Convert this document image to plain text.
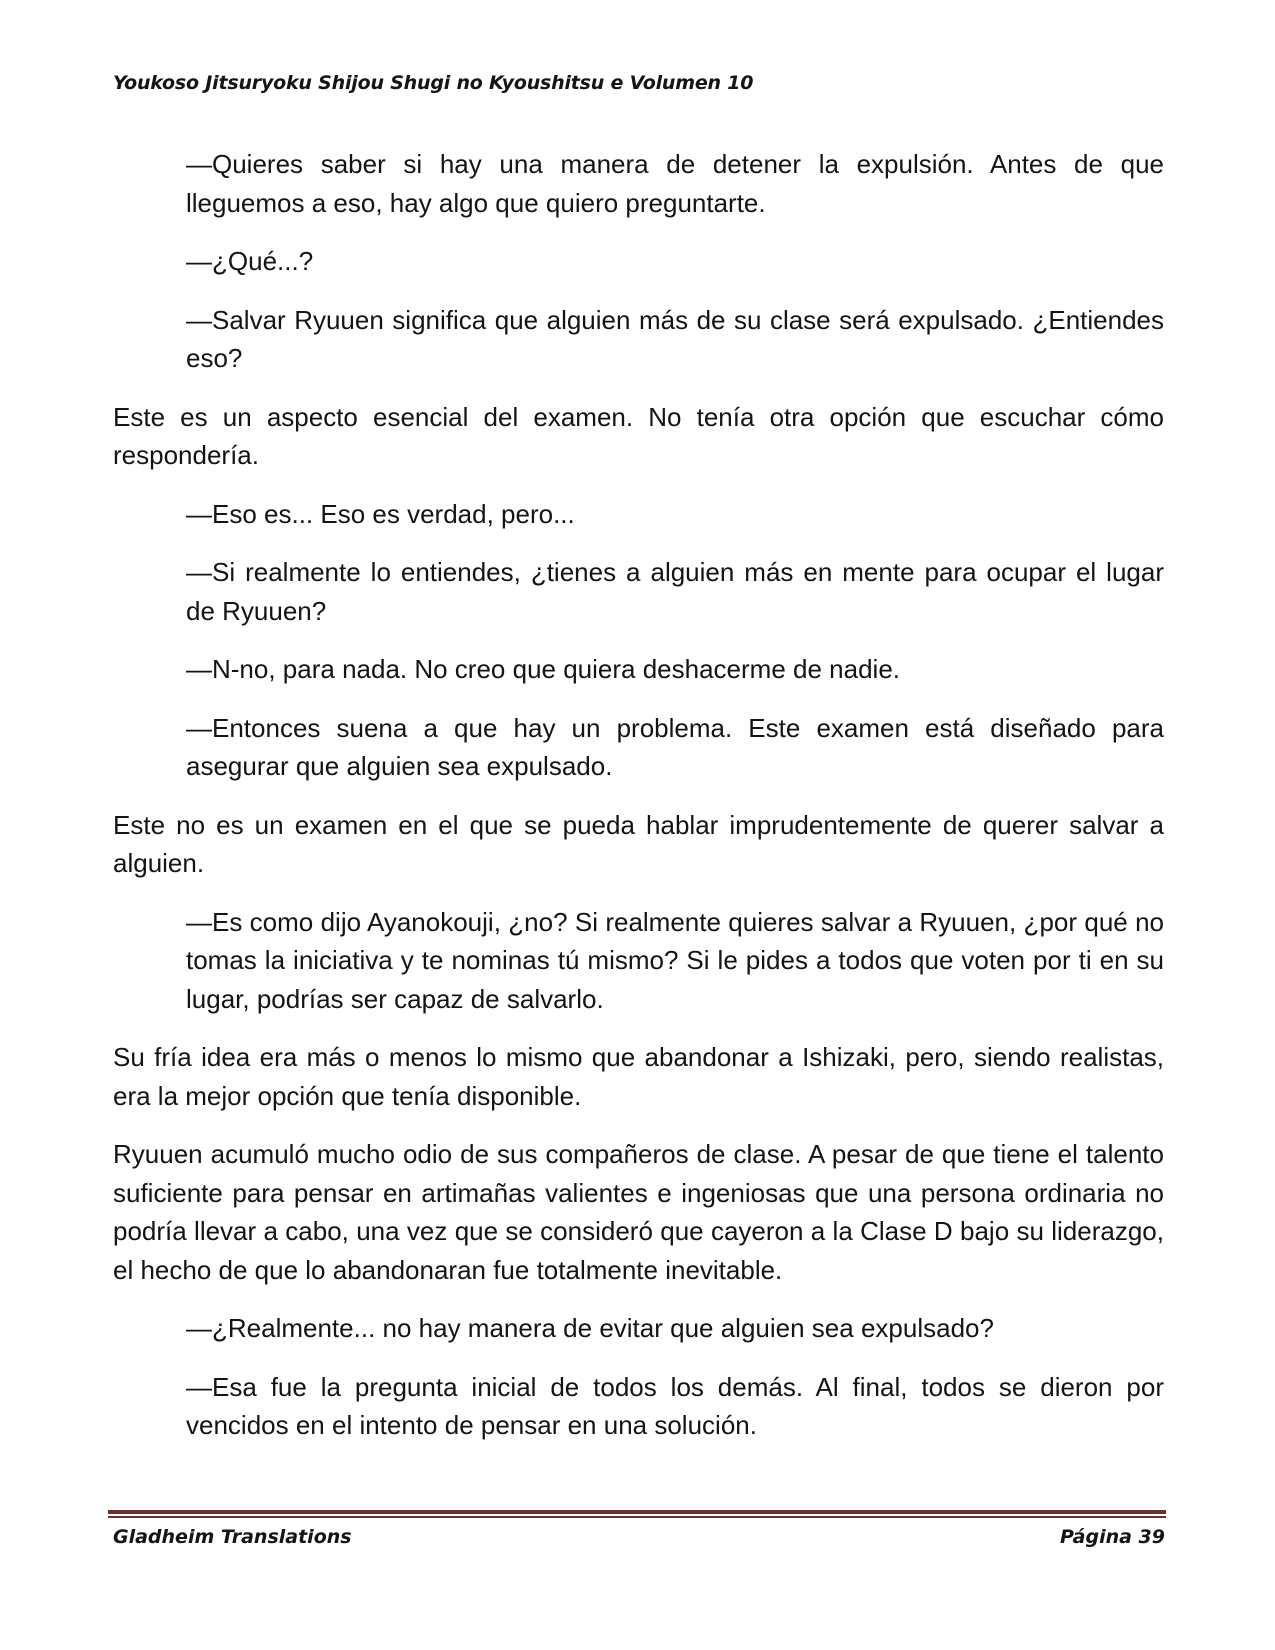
Youkoso Jitsuryoku Shijou Shugi no Kyoushitsu e Volumen 10

—Quieres saber si hay una manera de detener la expulsión. Antes de que lleguemos a eso, hay algo que quiero preguntarte.

—¿Qué...?

—Salvar Ryuuen significa que alguien más de su clase será expulsado. ¿Entiendes eso?

Este es un aspecto esencial del examen. No tenía otra opción que escuchar cómo respondería.

—Eso es... Eso es verdad, pero...

—Si realmente lo entiendes, ¿tienes a alguien más en mente para ocupar el lugar de Ryuuen?

—N-no, para nada. No creo que quiera deshacerme de nadie.

—Entonces suena a que hay un problema. Este examen está diseñado para asegurar que alguien sea expulsado.

Este no es un examen en el que se pueda hablar imprudentemente de querer salvar a alguien.

—Es como dijo Ayanokouji, ¿no? Si realmente quieres salvar a Ryuuen, ¿por qué no tomas la iniciativa y te nominas tú mismo? Si le pides a todos que voten por ti en su lugar, podrías ser capaz de salvarlo.

Su fría idea era más o menos lo mismo que abandonar a Ishizaki, pero, siendo realistas, era la mejor opción que tenía disponible.

Ryuuen acumuló mucho odio de sus compañeros de clase. A pesar de que tiene el talento suficiente para pensar en artimañas valientes e ingeniosas que una persona ordinaria no podría llevar a cabo, una vez que se consideró que cayeron a la Clase D bajo su liderazgo, el hecho de que lo abandonaran fue totalmente inevitable.

—¿Realmente... no hay manera de evitar que alguien sea expulsado?

—Esa fue la pregunta inicial de todos los demás. Al final, todos se dieron por vencidos en el intento de pensar en una solución.

Gladheim Translations	Página 39
